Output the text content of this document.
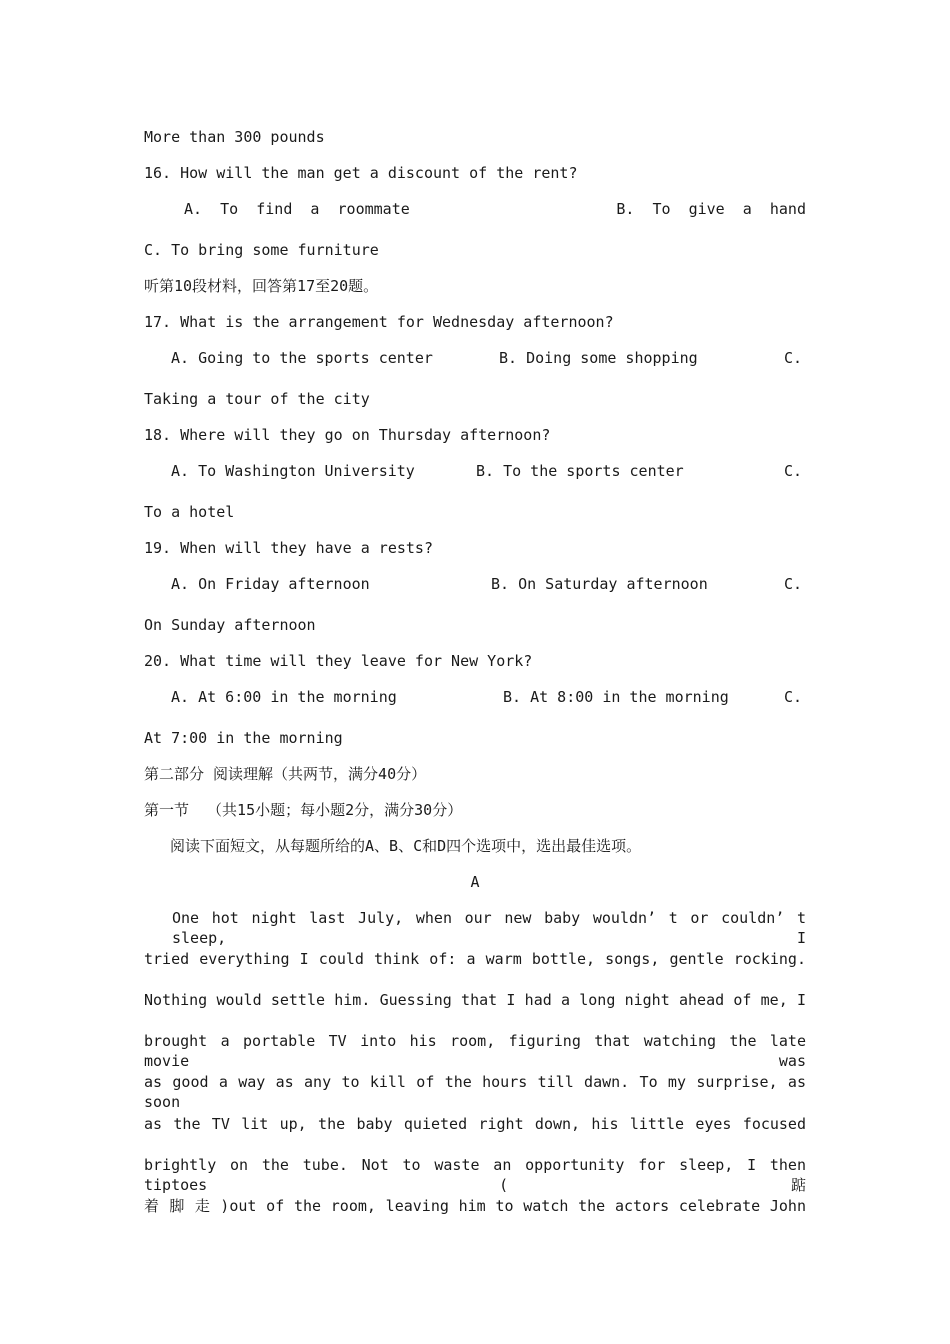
More than 300 pounds
16. How will the man get a discount of the rent?

A.  To  find  a  roommate

	B.  To  give  a  hand

C. To bring some furniture
听第10段材料，回答第17至20题。
17. What is the arrangement for Wednesday afternoon?

A. Going to the sports center

	B. Doing some shopping

	C.

Taking a tour of the city
18. Where will they go on Thursday afternoon?

A. To Washington University

	B. To the sports center

	C.

To a hotel
19. When will they have a rests?

A. On Friday afternoon

	B. On Saturday afternoon

	C.

On Sunday afternoon
20. What time will they leave for New York?

A. At 6:00 in the morning

	B. At 8:00 in the morning

	C.

At 7:00 in the morning
第二部分 阅读理解（共两节，满分40分）
第一节  （共15小题；每小题2分，满分30分）
阅读下面短文，从每题所给的A、B、C和D四个选项中，选出最佳选项。
A
One hot night last July, when our new baby wouldn’ t or couldn’ t sleep, I
tried everything I could think of: a warm bottle, songs, gentle rocking.
Nothing would settle him. Guessing that I had a long night ahead of me, I
brought a portable TV into his room, figuring that watching the late movie was
as good a way as any to kill of the hours till dawn. To my surprise, as soon
as the TV lit up, the baby quieted right down, his little eyes focused
brightly on the tube. Not to waste an opportunity for sleep, I then tiptoes (踮
着 脚 走 )out of the room, leaving him to watch the actors celebrate John
